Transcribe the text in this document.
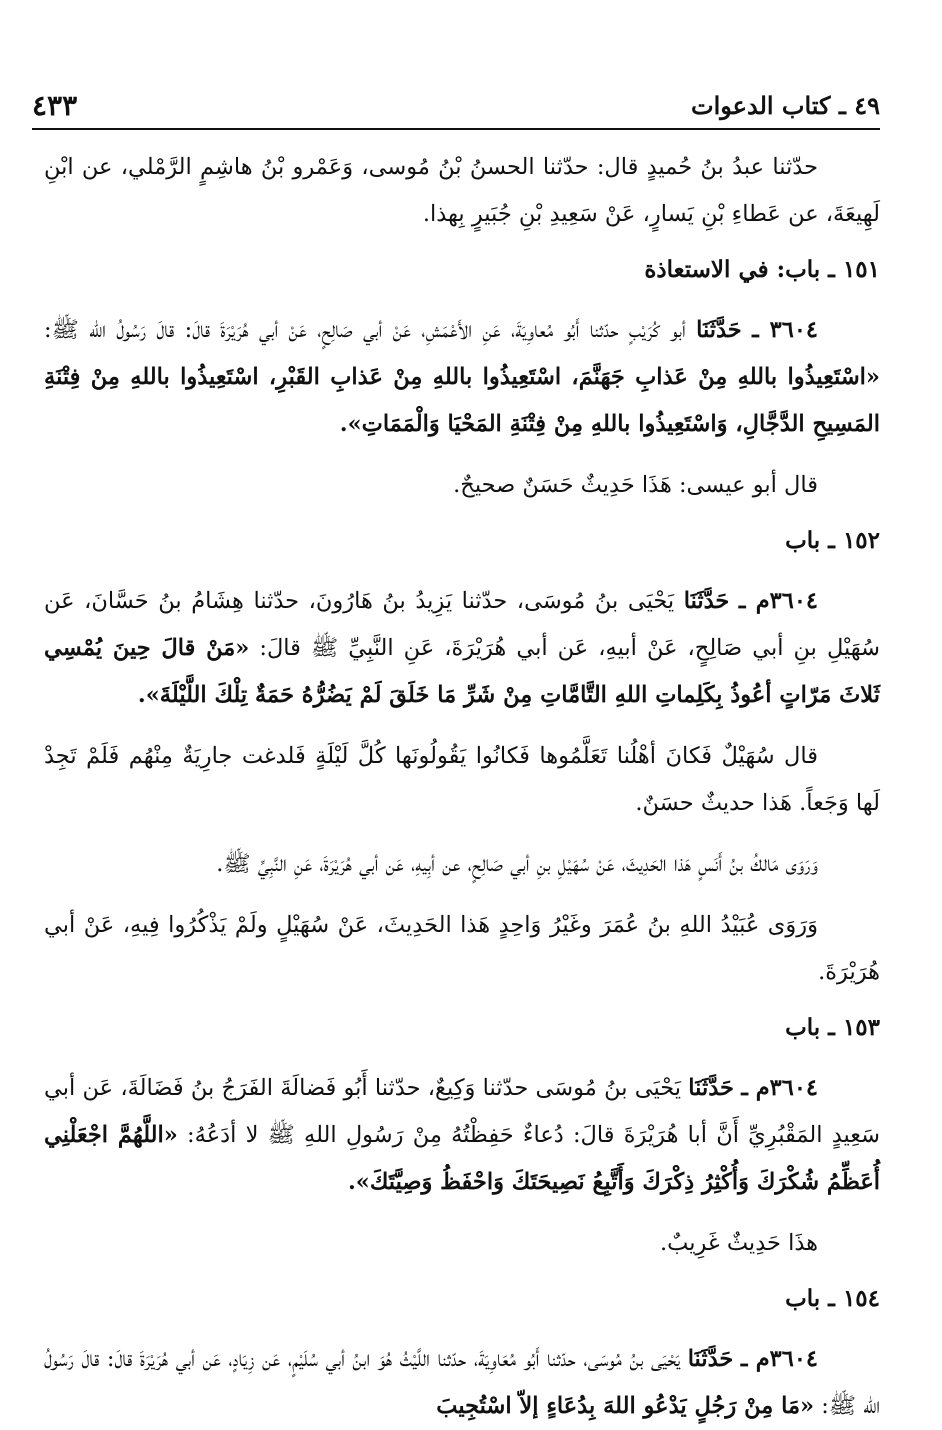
٤٩ ـ كتاب الدعوات
٤٣٣

حدّثنا عبدُ بنُ حُميدٍ قال: حدّثنا الحسنُ بْنُ مُوسى، وَعَمْرو بْنُ هاشِمٍ الرَّمْلي، عن ابْنِ لَهِيعَةَ، عن عَطاءِ بْنِ يَسارٍ، عَنْ سَعِيدِ بْنِ جُبَيرٍ بِهذا.

١٥١ ـ باب: في الاستعاذة

٣٦٠٤ ـ حَدَّثَنَا أبو كُرَيْبٍ حدّثنا أَبُو مُعاوِيَةَ، عَنِ الأَعْمَشِ، عَنْ أبي صَالِحٍ، عَنْ أبي هُرَيْرَةَ قالَ: قالَ رَسُولُ الله ﷺ: «اسْتَعِيذُوا باللهِ مِنْ عَذابِ جَهَنَّمَ، اسْتَعِيذُوا باللهِ مِنْ عَذابِ القَبْرِ، اسْتَعِيذُوا باللهِ مِنْ فِتْنَةِ المَسِيحِ الدَّجَّالِ، وَاسْتَعِيذُوا باللهِ مِنْ فِتْنَةِ المَحْيَا وَالْمَمَاتِ».

قال أبو عيسى: هَذَا حَدِيثٌ حَسَنٌ صحيحٌ.

١٥٢ ـ باب

٣٦٠٤م ـ حَدَّثَنَا يَحْيَى بنُ مُوسَى، حدّثنا يَزِيدُ بنُ هَارُونَ، حدّثنا هِشَامُ بنُ حَسَّانَ، عَن سُهَيْلِ بنِ أبي صَالِحٍ، عَنْ أبيهِ، عَن أبي هُرَيْرَةَ، عَنِ النَّبِيِّ ﷺ قالَ: «مَنْ قالَ حِينَ يُمْسِي ثَلاثَ مَرّاتٍ أعُوذُ بِكَلِماتِ اللهِ التَّامَّاتِ مِنْ شَرِّ مَا خَلَقَ لَمْ يَضُرُّهُ حَمَةٌ تِلْكَ اللَّيْلَةَ».

قال سُهَيْلٌ فَكانَ أهْلُنا تَعَلَّمُوها فَكانُوا يَقُولُونَها كُلَّ لَيْلَةٍ فَلدغت جارِيَةٌ مِنْهُم فَلَمْ تَجِدْ لَها وَجَعاً. هَذا حديثٌ حسَنٌ.

وَرَوَى مَالكُ بنُ أَنَسٍ هَذا الحَدِيثَ، عَنْ سُهَيْلِ بنِ أبي صَالِحٍ، عن أبِيهِ، عَن أبي هُرَيْرَةَ، عَنِ النَّبِيِّ ﷺ.

وَرَوَى عُبَيْدُ اللهِ بنُ عُمَرَ وغَيْرُ وَاحِدٍ هَذا الحَدِيثَ، عَنْ سُهَيْلٍ ولَمْ يَذْكُرُوا فِيهِ، عَنْ أبي هُرَيْرَةَ.

١٥٣ ـ باب

٣٦٠٤م ـ حَدَّثَنَا يَحْيَى بنُ مُوسَى حدّثنا وَكِيعٌ، حدّثنا أَبُو فَضالَةَ الفَرَجُ بنُ فَضَالَةَ، عَن أبي سَعِيدٍ المَقْبُرِيِّ أَنَّ أبا هُرَيْرَةَ قالَ: دُعاءٌ حَفِظْتُهُ مِنْ رَسُولِ اللهِ ﷺ لا أدَعُهُ: «اللَّهُمَّ اجْعَلْنِي أُعَظِّمُ شُكْرَكَ وَأُكْثِرُ ذِكْرَكَ وَأَتَّبِعُ نَصِيحَتَكَ وَاحْفَظُ وَصِيَّتَكَ».

هذَا حَدِيثٌ غَرِيبٌ.

١٥٤ ـ باب

٣٦٠٤م ـ حَدَّثَنَا يَحْيَى بنُ مُوسَى، حدّثنا أَبُو مُعَاوِيَةَ، حدّثنا اللَّيْثُ هُوَ ابنُ أبي سُلَيْمٍ، عَن زِيَادٍ، عَن أبي هُرَيْرَةَ قالَ: قالَ رَسُولُ الله ﷺ: «مَا مِنْ رَجُلٍ يَدْعُو اللهَ بِدُعَاءٍ إلاّ اسْتُجِيبَ
